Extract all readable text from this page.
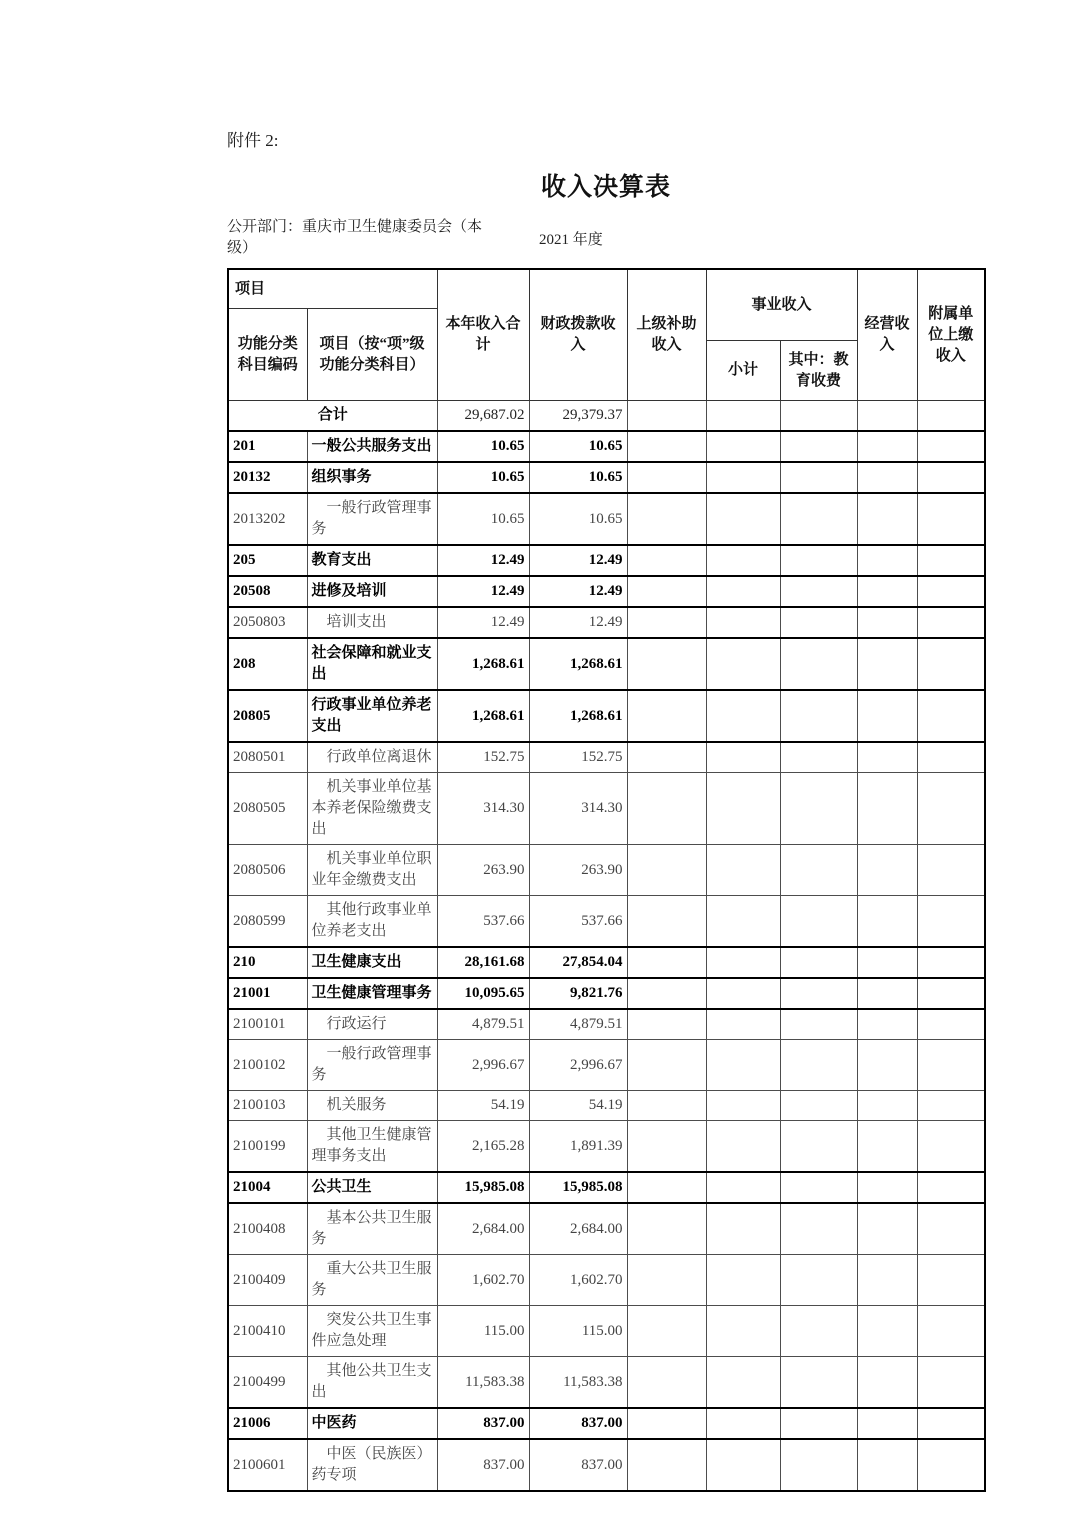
附件 2:
收入决算表
公开部门：重庆市卫生健康委员会（本级）
2021 年度
项目		本年收入合计	财政拨款收入	上级补助收入	事业收入		经营收入	附属单位上缴收入
功能分类科目编码	项目（按“项”级功能分类科目）							
					小计	其中：教育收费		
合计		29,687.02	29,379.37					
201	一般公共服务支出	10.65	10.65					
20132	组织事务	10.65	10.65					
2013202	一般行政管理事务	10.65	10.65					
205	教育支出	12.49	12.49					
20508	进修及培训	12.49	12.49					
2050803	培训支出	12.49	12.49					
208	社会保障和就业支出	1,268.61	1,268.61					
20805	行政事业单位养老支出	1,268.61	1,268.61					
2080501	行政单位离退休	152.75	152.75					
2080505	机关事业单位基本养老保险缴费支出	314.30	314.30					
2080506	机关事业单位职业年金缴费支出	263.90	263.90					
2080599	其他行政事业单位养老支出	537.66	537.66					
210	卫生健康支出	28,161.68	27,854.04					
21001	卫生健康管理事务	10,095.65	9,821.76					
2100101	行政运行	4,879.51	4,879.51					
2100102	一般行政管理事务	2,996.67	2,996.67					
2100103	机关服务	54.19	54.19					
2100199	其他卫生健康管理事务支出	2,165.28	1,891.39					
21004	公共卫生	15,985.08	15,985.08					
2100408	基本公共卫生服务	2,684.00	2,684.00					
2100409	重大公共卫生服务	1,602.70	1,602.70					
2100410	突发公共卫生事件应急处理	115.00	115.00					
2100499	其他公共卫生支出	11,583.38	11,583.38					
21006	中医药	837.00	837.00					
2100601	中医（民族医）药专项	837.00	837.00					
